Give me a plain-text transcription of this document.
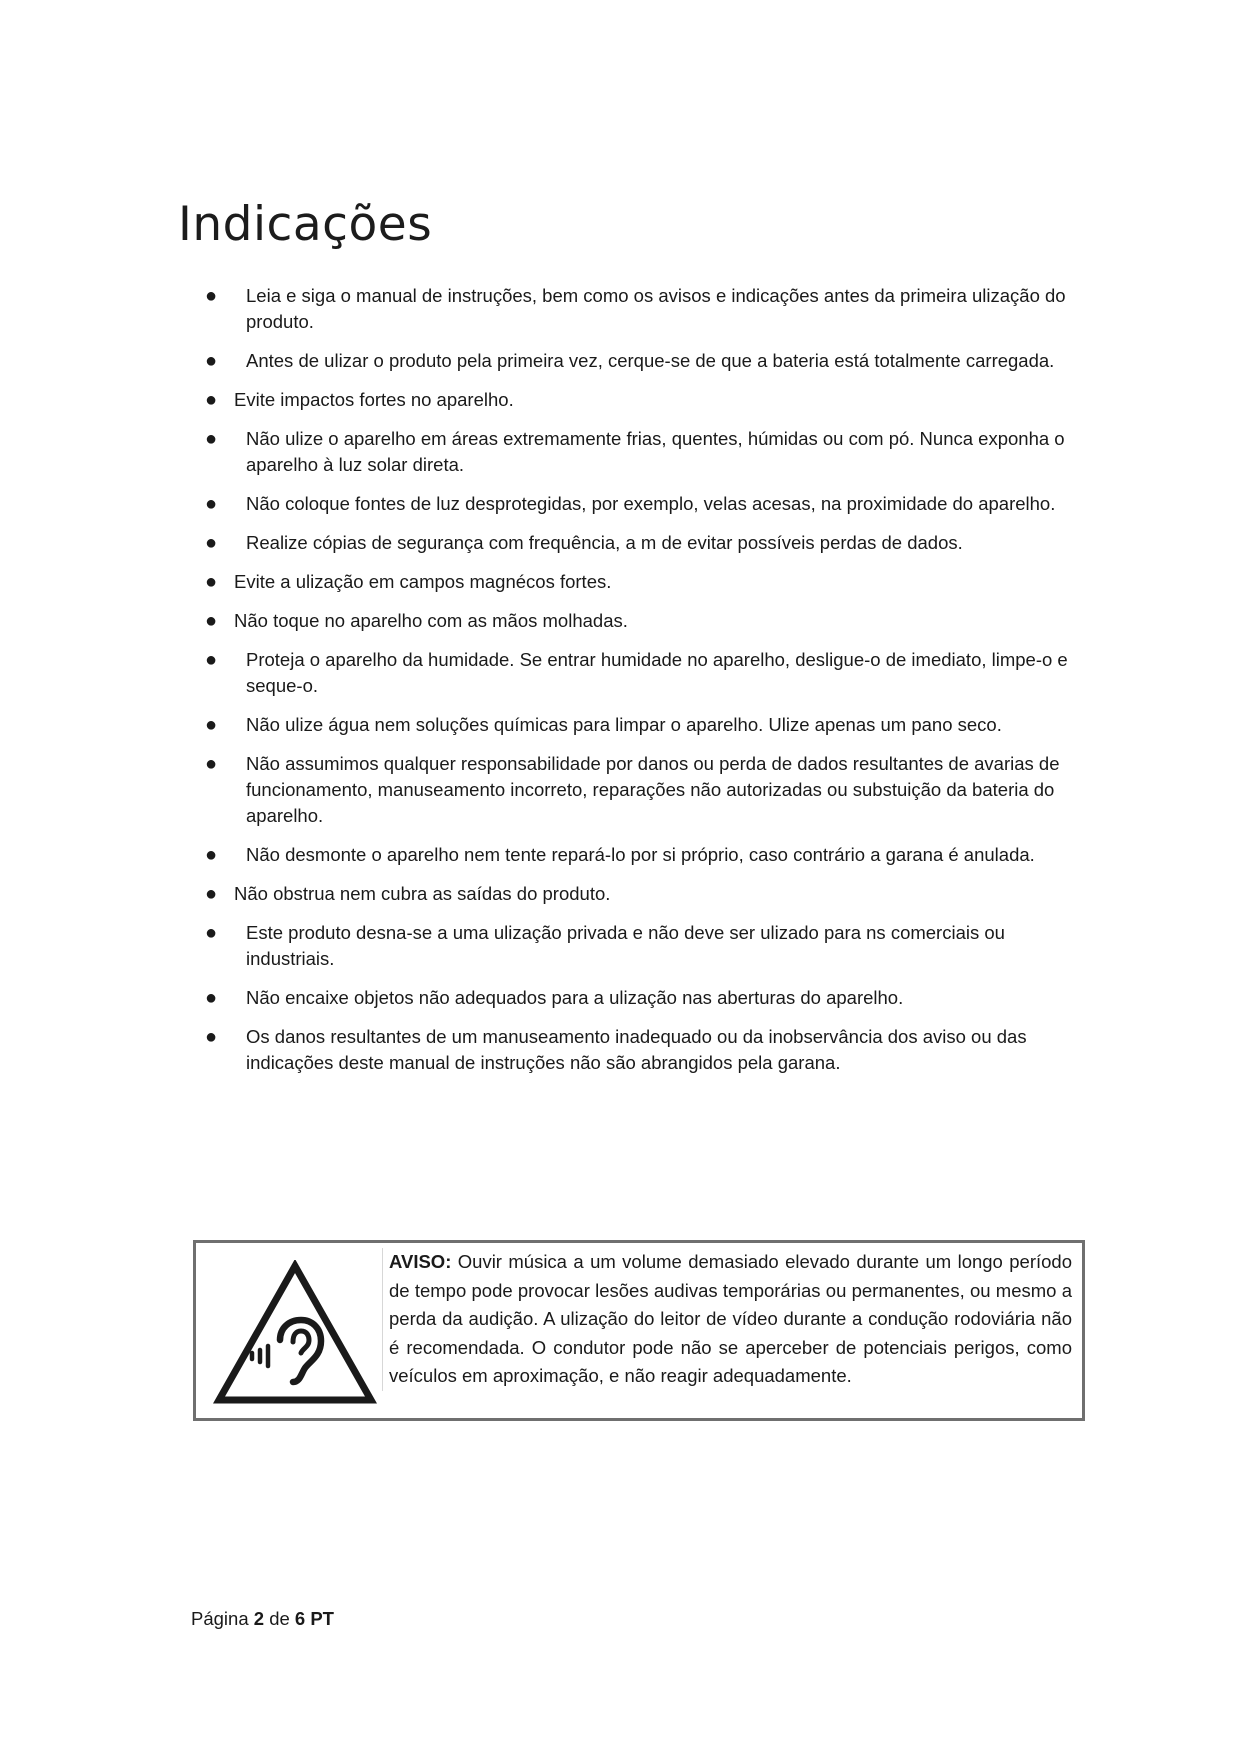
Indicações
●	Leia e siga o manual de instruções, bem como os avisos e indicações antes da primeira ulização do produto.
●	Antes de ulizar o produto pela primeira vez, cerque-se de que a bateria está totalmente carregada.
● Evite impactos fortes no aparelho.
●	Não ulize o aparelho em áreas extremamente frias, quentes, húmidas ou com pó. Nunca exponha o aparelho à luz solar direta.
●	Não coloque fontes de luz desprotegidas, por exemplo, velas acesas, na proximidade do aparelho.
●	Realize cópias de segurança com frequência, a m de evitar possíveis perdas de dados.
● Evite a ulização em campos magnécos fortes.
● Não toque no aparelho com as mãos molhadas.
●	Proteja o aparelho da humidade. Se entrar humidade no aparelho, desligue-o de imediato, limpe-o e seque-o.
●	Não ulize água nem soluções químicas para limpar o aparelho. Ulize apenas um pano seco.
●	Não assumimos qualquer responsabilidade por danos ou perda de dados resultantes de avarias de funcionamento, manuseamento incorreto, reparações não autorizadas ou substuição da bateria do aparelho.
●	Não desmonte o aparelho nem tente repará-lo por si próprio, caso contrário a garana é anulada.
● Não obstrua nem cubra as saídas do produto.
●	Este produto desna-se a uma ulização privada e não deve ser ulizado para ns comerciais ou industriais.
●	Não encaixe objetos não adequados para a ulização nas aberturas do aparelho.
●	Os danos resultantes de um manuseamento inadequado ou da inobservância dos aviso ou das indicações deste manual de instruções não são abrangidos pela garana.

AVISO: Ouvir música a um volume demasiado elevado durante um longo período de tempo pode provocar lesões audivas temporárias ou permanentes, ou mesmo a perda da audição. A ulização do leitor de vídeo durante a condução rodoviária não é recomendada. O condutor pode não se aperceber de potenciais perigos, como veículos em aproximação, e não reagir adequadamente.

Página 2 de 6 PT
